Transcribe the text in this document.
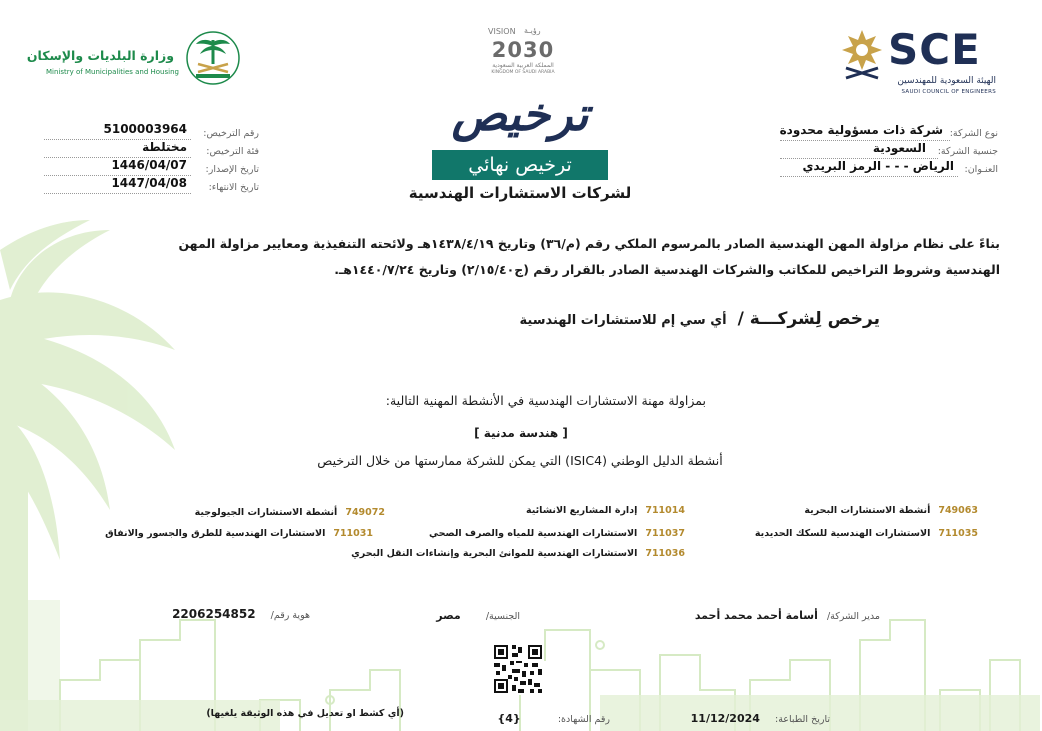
SCE
الهيئة السعودية للمهندسين
SAUDI COUNCIL OF ENGINEERS
رؤيـة
VISION
2030
المملكة العربية السعودية
KINGDOM OF SAUDI ARABIA
وزارة البلديات والإسكان
Ministry of Municipalities and Housing
ترخيص
ترخيص نهائي
لشركات الاستشارات الهندسية
نوع الشركة:
شركة ذات مسؤولية محدودة
جنسية الشركة:
السعودية
العنـوان:
الرياض - - - الرمز البريدي
رقم الترخيص:
5100003964
فئة الترخيص:
مختلطة
تاريخ الإصدار:
1446/04/07
تاريخ الانتهاء:
1447/04/08
بناءً على نظام مزاولة المهن الهندسية الصادر بالمرسوم الملكي رقم (م/٣٦) وتاريخ ١٤٣٨/٤/١٩هـ ولائحته التنفيذية ومعايير مزاولة المهن
الهندسية وشروط التراخيص للمكاتب والشركات الهندسية الصادر بالقرار رقم (ج٢/١٥/٤٠) وتاريخ ١٤٤٠/٧/٢٤هـ.
يرخص لِشركـــة / أي سي إم للاستشارات الهندسية
بمزاولة مهنة الاستشارات الهندسية في الأنشطة المهنية التالية:
[ هندسة مدنية ]
أنشطة الدليل الوطني (ISIC4) التي يمكن للشركة ممارستها من خلال الترخيص
749063أنشطة الاستشارات البحرية
711035الاستشارات الهندسية للسكك الحديدية
711014إدارة المشاريع الانشائية
711037الاستشارات الهندسية للمياه والصرف الصحي
711036الاستشارات الهندسية للموانئ البحرية وإنشاءات النقل البحري
749072أنشطة الاستشارات الجيولوجية
711031الاستشارات الهندسية للطرق والجسور والانفاق
مدير الشركة/ أسامة أحمد محمد أحمد
الجنسية/ مصر
هوية رقم/ 2206254852
تاريخ الطباعة: 11/12/2024
رقم الشهادة: {4}
(أي كشط او تعديل في هذه الوثيقة يلغيها)
